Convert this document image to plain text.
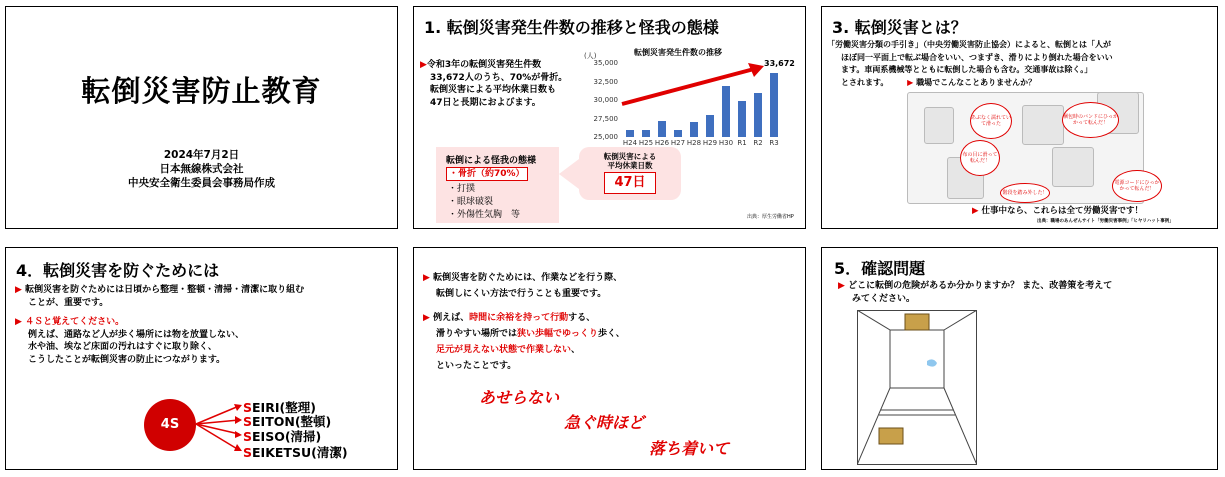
転倒災害防止教育
2024年7月2日
日本無線株式会社
中央安全衛生委員会事務局作成
1. 転倒災害発生件数の推移と怪我の態様
▶令和3年の転倒災害発生件数
33,672人のうち、70%が骨折。
転倒災害による平均休業日数も
47日と長期におよびます。
転倒災害発生件数の推移
(人)
35,000
32,500
30,000
27,500
25,000
H24 H25 H26 H27 H28 H29 H30 R1 R2 R3
33,672
転倒による怪我の態様
・骨折（約70%）
・打撲
・眼球破裂
・外傷性気胸　等
転倒災害による
平均休業日数
47日
出典：厚生労働省HP
3. 転倒災害とは？
「労働災害分類の手引き」（中央労働災害防止協会）によると、転倒とは「人が
ほぼ同一平面上で転ぶ場合をいい、つまずき、滑りにより倒れた場合をいい
ます。車両系機械等とともに転倒した場合も含む。交通事故は除く。」
とされます。 ▶ 職場でこんなことありませんか？
あぶなく濡れていて滑った
梱包時のバンドにひっかかって転んだ！
布の目に滑って転んだ！
階段を踏み外した！
電源コードにひっかかって転んだ！
▶ 仕事中なら、これらは全て労働災害です！
出典：職場のあんぜんサイト「労働災害事例」「ヒヤリハット事例」
4．転倒災害を防ぐためには
▶ 転倒災害を防ぐためには日頃から整理・整頓・清掃・清潔に取り組む
ことが、重要です。
▶ ４Ｓと覚えてください。
例えば、通路など人が歩く場所には物を放置しない、
水や油、埃など床面の汚れはすぐに取り除く、
こうしたことが転倒災害の防止につながります。
4S
SEIRI(整理)
SEITON(整頓)
SEISO(清掃)
SEIKETSU(清潔)
▶ 転倒災害を防ぐためには、作業などを行う際、
転倒しにくい方法で行うことも重要です。
▶ 例えば、時間に余裕を持って行動する、
滑りやすい場所では狭い歩幅でゆっくり歩く、
足元が見えない状態で作業しない、
といったことです。
あせらない
急ぐ時ほど
落ち着いて
5．確認問題
▶ どこに転倒の危険があるか分かりますか？ また、改善策を考えて
みてください。
